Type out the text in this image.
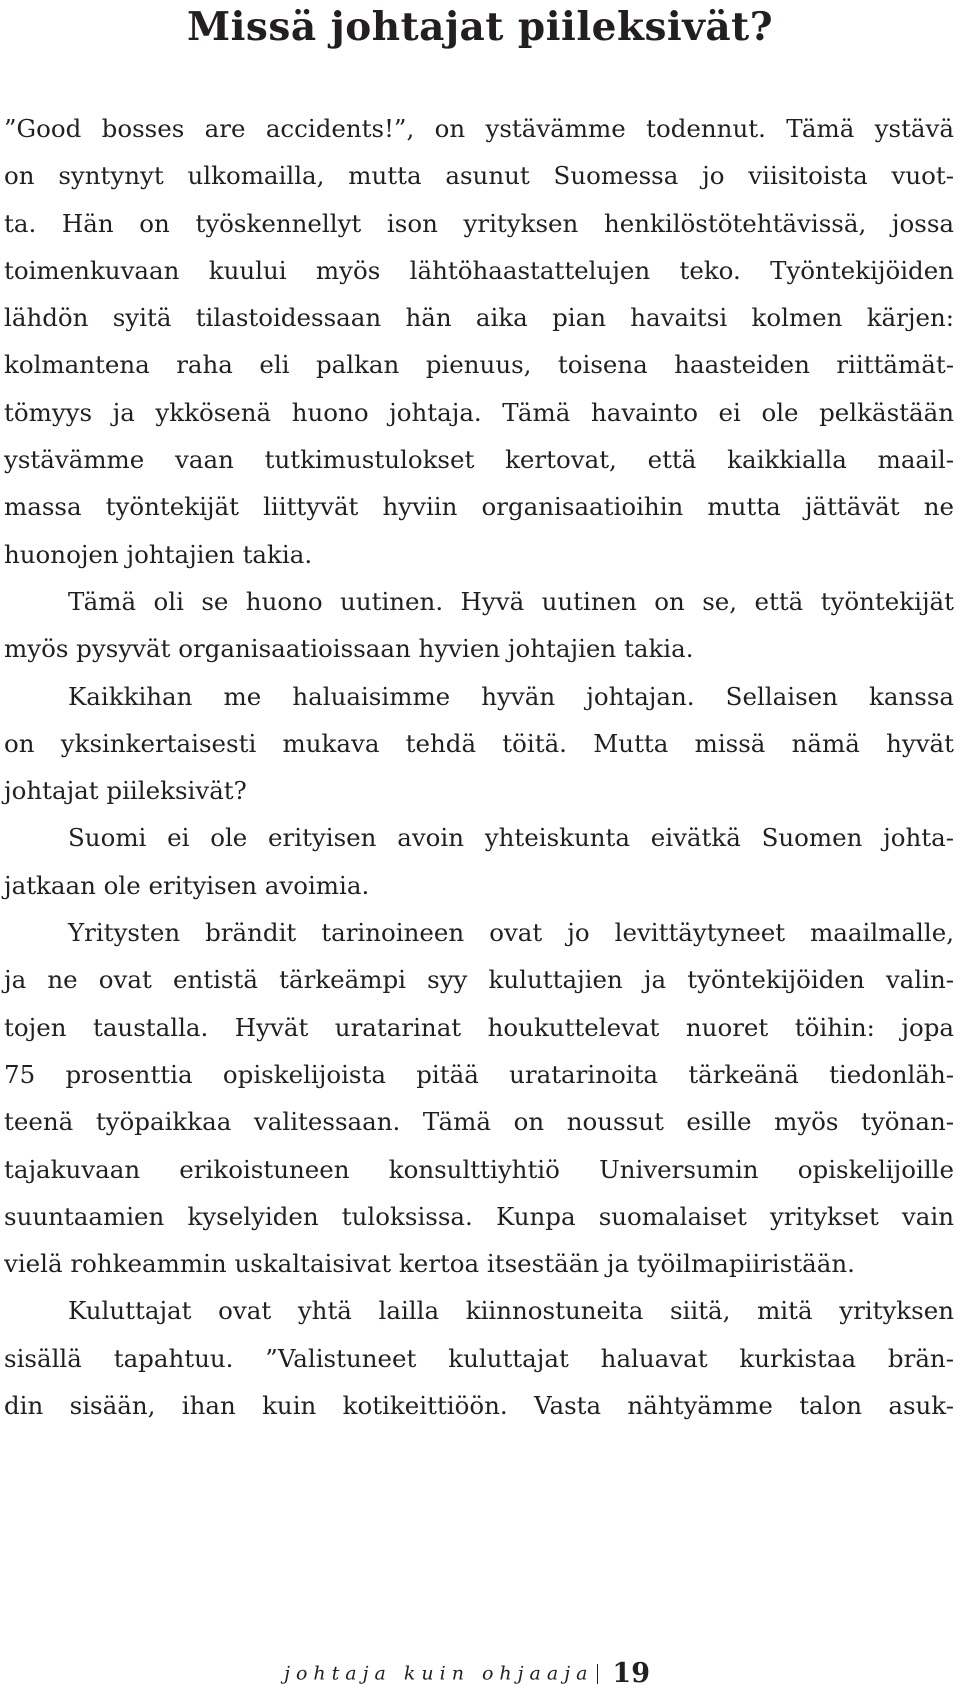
Missä johtajat piileksivät?
”Good bosses are accidents!”, on ystävämme todennut. Tämä ystävä
on syntynyt ulkomailla, mutta asunut Suomessa jo viisitoista vuot-
ta. Hän on työskennellyt ison yrityksen henkilöstötehtävissä, jossa
toimenkuvaan kuului myös lähtöhaastattelujen teko. Työntekijöiden
lähdön syitä tilastoidessaan hän aika pian havaitsi kolmen kärjen:
kolmantena raha eli palkan pienuus, toisena haasteiden riittämät-
tömyys ja ykkösenä huono johtaja. Tämä havainto ei ole pelkästään
ystävämme vaan tutkimustulokset kertovat, että kaikkialla maail-
massa työntekijät liittyvät hyviin organisaatioihin mutta jättävät ne
huonojen johtajien takia.
Tämä oli se huono uutinen. Hyvä uutinen on se, että työntekijät
myös pysyvät organisaatioissaan hyvien johtajien takia.
Kaikkihan me haluaisimme hyvän johtajan. Sellaisen kanssa
on yksinkertaisesti mukava tehdä töitä. Mutta missä nämä hyvät
johtajat piileksivät?
Suomi ei ole erityisen avoin yhteiskunta eivätkä Suomen johta-
jatkaan ole erityisen avoimia.
Yritysten brändit tarinoineen ovat jo levittäytyneet maailmalle,
ja ne ovat entistä tärkeämpi syy kuluttajien ja työntekijöiden valin-
tojen taustalla. Hyvät uratarinat houkuttelevat nuoret töihin: jopa
75 prosenttia opiskelijoista pitää uratarinoita tärkeänä tiedonläh-
teenä työpaikkaa valitessaan. Tämä on noussut esille myös työnan-
tajakuvaan erikoistuneen konsulttiyhtiö Universumin opiskelijoille
suuntaamien kyselyiden tuloksissa. Kunpa suomalaiset yritykset vain
vielä rohkeammin uskaltaisivat kertoa itsestään ja työilmapiiristään.
Kuluttajat ovat yhtä lailla kiinnostuneita siitä, mitä yrityksen
sisällä tapahtuu. ”Valistuneet kuluttajat haluavat kurkistaa brän-
din sisään, ihan kuin kotikeittiöön. Vasta nähtyämme talon asuk-
johtaja kuin ohjaaja 19
